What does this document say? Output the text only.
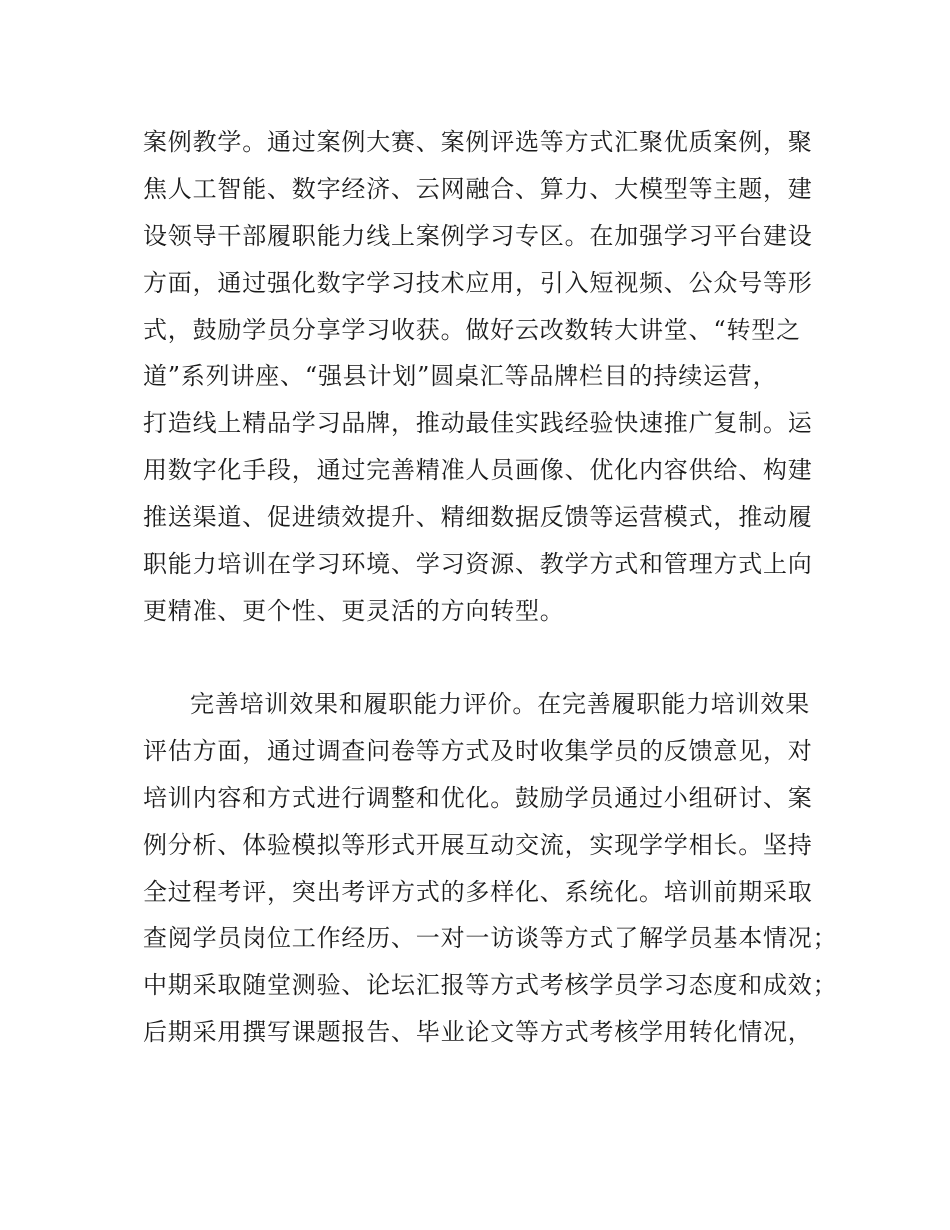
案例教学。通过案例大赛、案例评选等方式汇聚优质案例，聚
焦人工智能、数字经济、云网融合、算力、大模型等主题，建
设领导干部履职能力线上案例学习专区。在加强学习平台建设
方面，通过强化数字学习技术应用，引入短视频、公众号等形
式，鼓励学员分享学习收获。做好云改数转大讲堂、“转型之
道”系列讲座、“强县计划”圆桌汇等品牌栏目的持续运营，
打造线上精品学习品牌，推动最佳实践经验快速推广复制。运
用数字化手段，通过完善精准人员画像、优化内容供给、构建
推送渠道、促进绩效提升、精细数据反馈等运营模式，推动履
职能力培训在学习环境、学习资源、教学方式和管理方式上向
更精准、更个性、更灵活的方向转型。
完善培训效果和履职能力评价。在完善履职能力培训效果
评估方面，通过调查问卷等方式及时收集学员的反馈意见，对
培训内容和方式进行调整和优化。鼓励学员通过小组研讨、案
例分析、体验模拟等形式开展互动交流，实现学学相长。坚持
全过程考评，突出考评方式的多样化、系统化。培训前期采取
查阅学员岗位工作经历、一对一访谈等方式了解学员基本情况；
中期采取随堂测验、论坛汇报等方式考核学员学习态度和成效；
后期采用撰写课题报告、毕业论文等方式考核学用转化情况，
